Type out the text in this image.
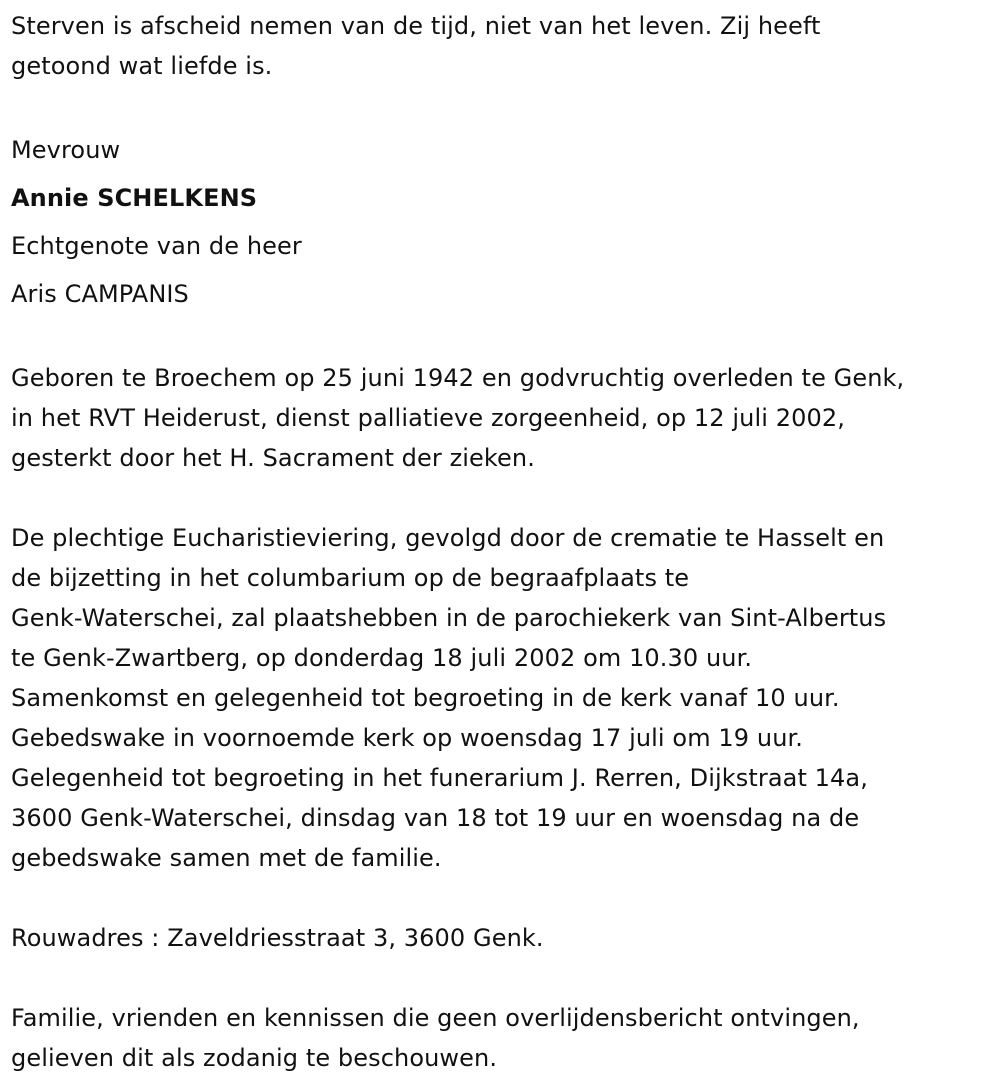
Sterven is afscheid nemen van de tijd, niet van het leven. Zij heeft
getoond wat liefde is.
Mevrouw
Annie SCHELKENS
Echtgenote van de heer
Aris CAMPANIS
Geboren te Broechem op 25 juni 1942 en godvruchtig overleden te Genk,
in het RVT Heiderust, dienst palliatieve zorgeenheid, op 12 juli 2002,
gesterkt door het H. Sacrament der zieken.
De plechtige Eucharistieviering, gevolgd door de crematie te Hasselt en
de bijzetting in het columbarium op de begraafplaats te
Genk-Waterschei, zal plaatshebben in de parochiekerk van Sint-Albertus
te Genk-Zwartberg, op donderdag 18 juli 2002 om 10.30 uur.
Samenkomst en gelegenheid tot begroeting in de kerk vanaf 10 uur.
Gebedswake in voornoemde kerk op woensdag 17 juli om 19 uur.
Gelegenheid tot begroeting in het funerarium J. Rerren, Dijkstraat 14a,
3600 Genk-Waterschei, dinsdag van 18 tot 19 uur en woensdag na de
gebedswake samen met de familie.
Rouwadres : Zaveldriesstraat 3, 3600 Genk.
Familie, vrienden en kennissen die geen overlijdensbericht ontvingen,
gelieven dit als zodanig te beschouwen.
